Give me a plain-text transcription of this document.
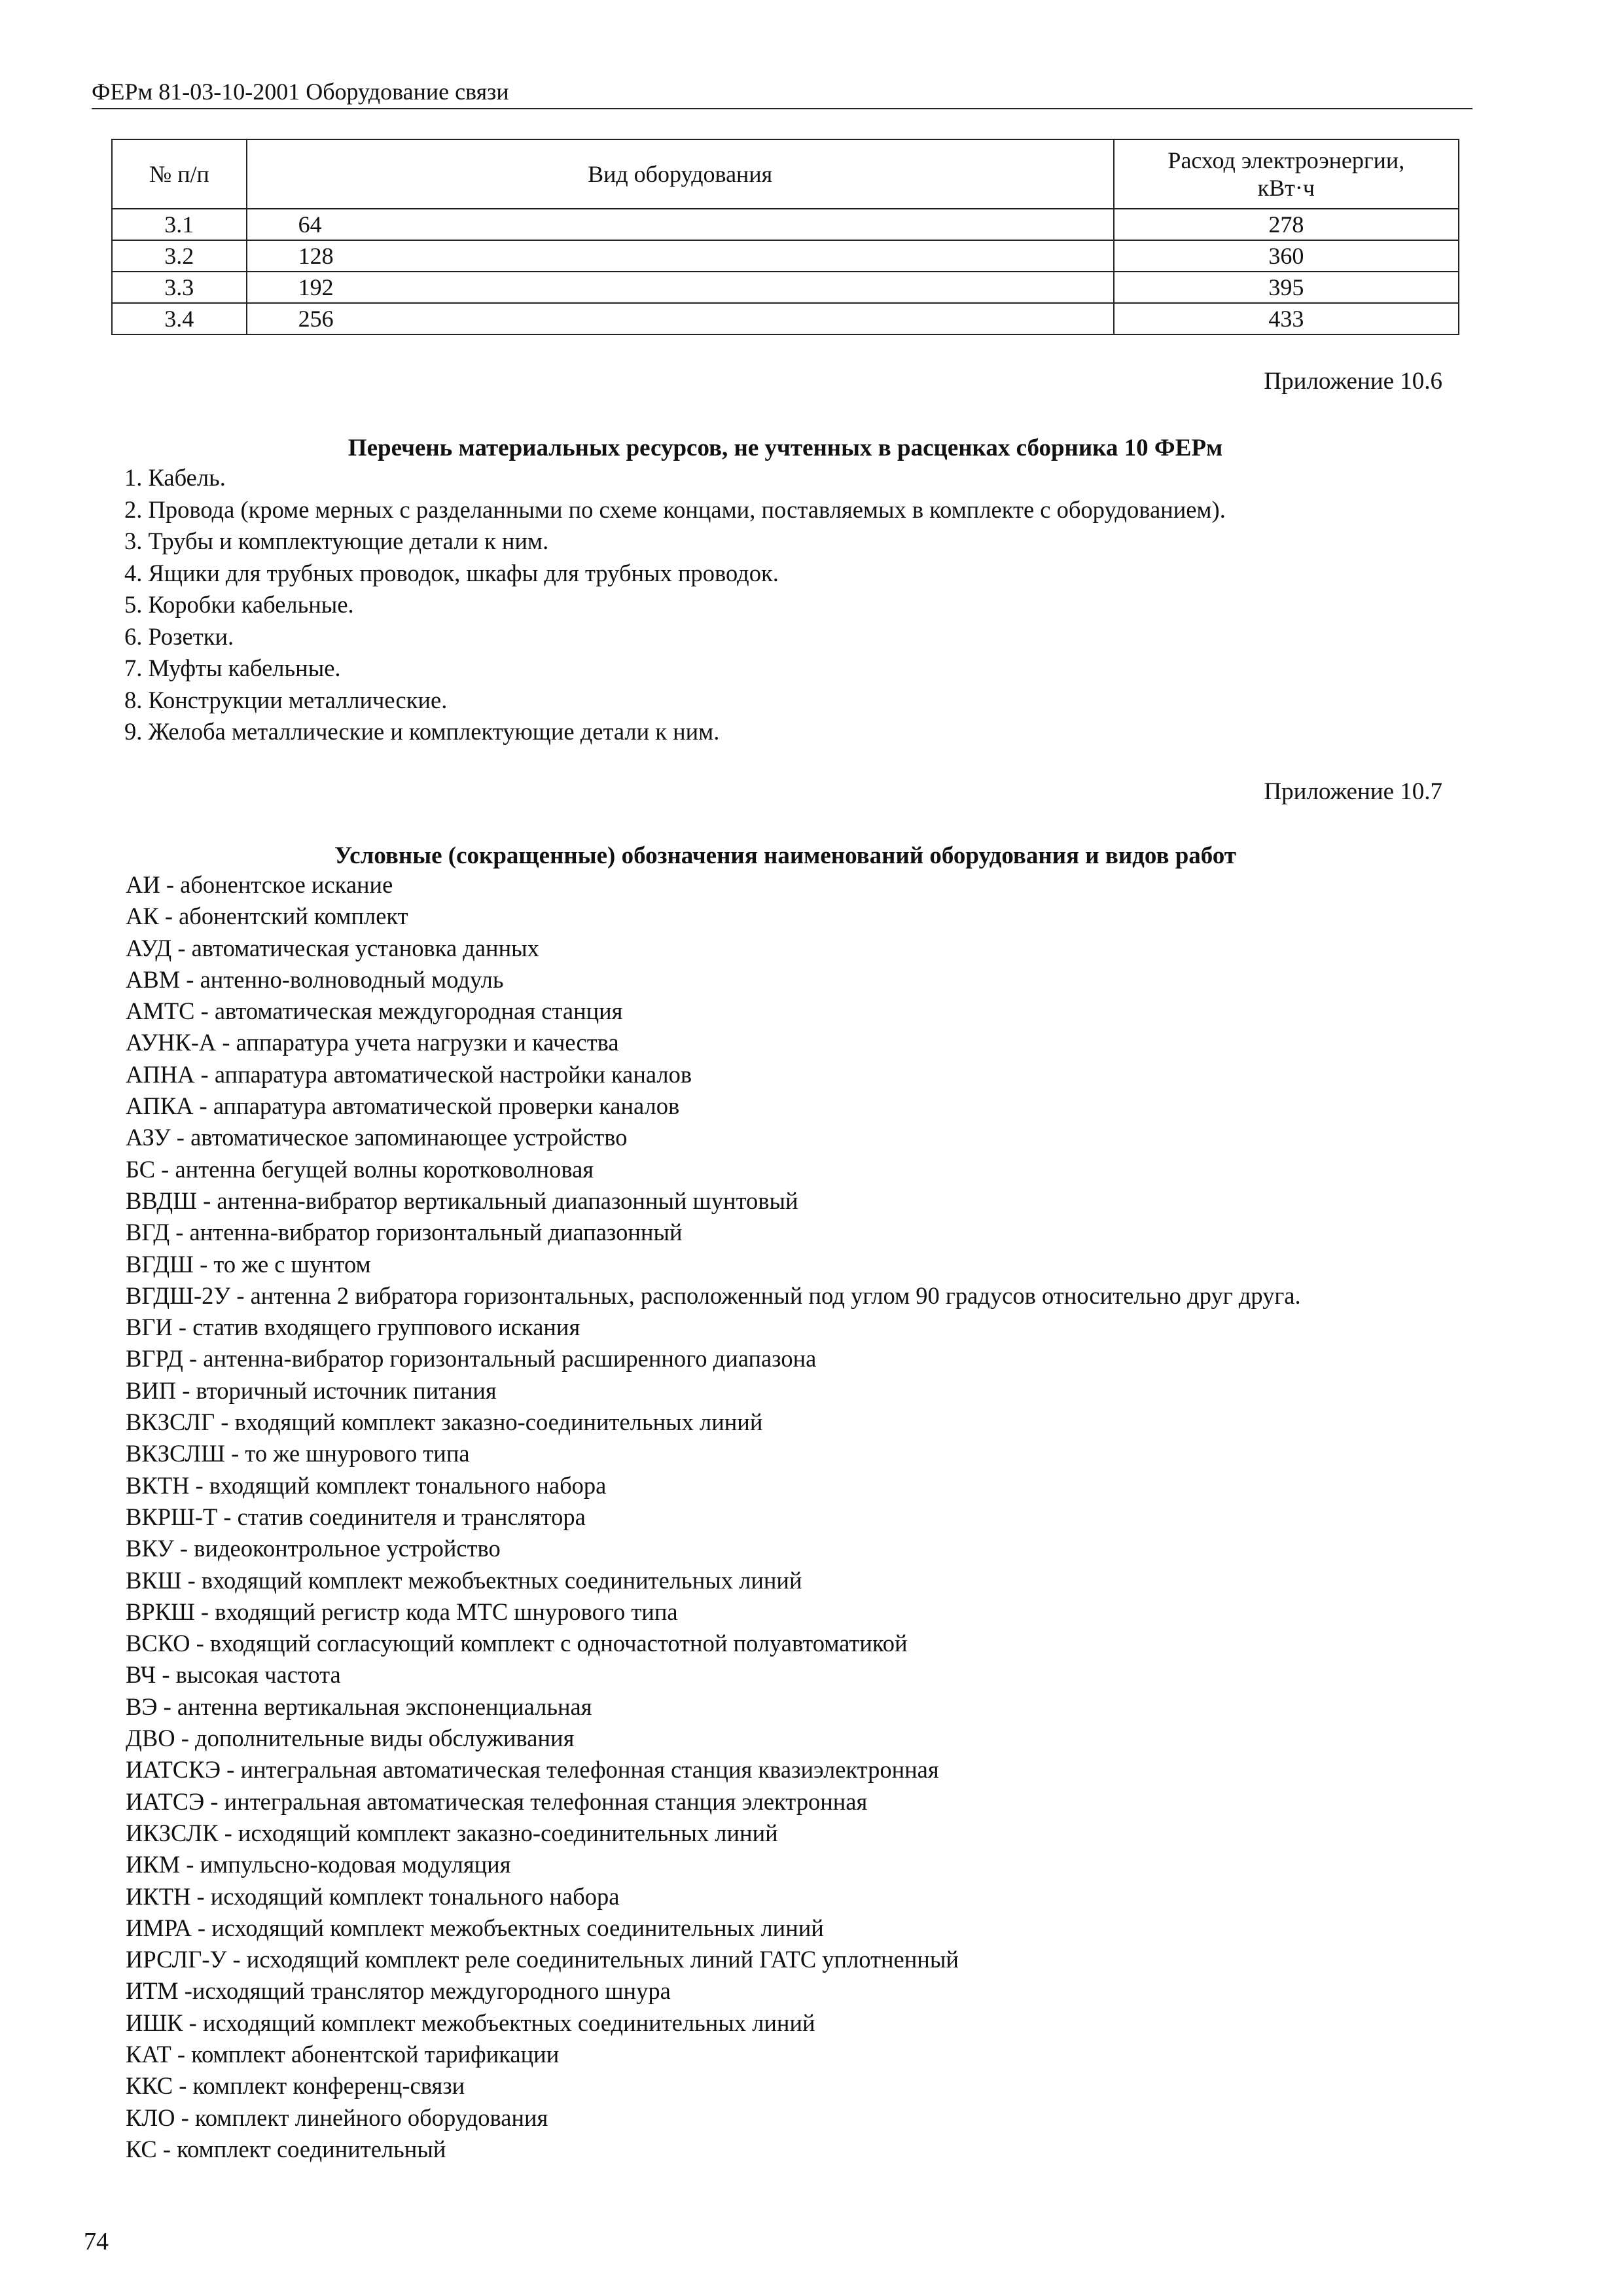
ФЕРм 81-03-10-2001 Оборудование связи
№ п/п	Вид оборудования	Расход электроэнергии,
кВт·ч

3.1	64	278
3.2	128	360
3.3	192	395
3.4	256	433
Приложение 10.6
Перечень материальных ресурсов, не учтенных в расценках сборника 10 ФЕРм
1. Кабель.
2. Провода (кроме мерных с разделанными по схеме концами, поставляемых в комплекте с оборудованием).
3. Трубы и комплектующие детали к ним.
4. Ящики для трубных проводок, шкафы для трубных проводок.
5. Коробки кабельные.
6. Розетки.
7. Муфты кабельные.
8. Конструкции металлические.
9. Желоба металлические и комплектующие детали к ним.
Приложение 10.7
Условные (сокращенные) обозначения наименований оборудования и видов работ
АИ - абонентское искание
АК - абонентский комплект
АУД - автоматическая установка данных
АВМ - антенно-волноводный модуль
АМТС - автоматическая междугородная станция
АУНК-А - аппаратура учета нагрузки и качества
АПНА - аппаратура автоматической настройки каналов
АПКА - аппаратура автоматической проверки каналов
АЗУ - автоматическое запоминающее устройство
БС - антенна бегущей волны коротковолновая
ВВДШ - антенна-вибратор вертикальный диапазонный шунтовый
ВГД - антенна-вибратор горизонтальный диапазонный
ВГДШ - то же с шунтом
ВГДШ-2У - антенна 2 вибратора горизонтальных, расположенный под углом 90 градусов относительно друг друга.
ВГИ - статив входящего группового искания
ВГРД - антенна-вибратор горизонтальный расширенного диапазона
ВИП - вторичный источник питания
ВКЗСЛГ - входящий комплект заказно-соединительных линий
ВКЗСЛШ - то же шнурового типа
ВКТН - входящий комплект тонального набора
ВКРШ-Т - статив соединителя и транслятора
ВКУ - видеоконтрольное устройство
ВКШ - входящий комплект межобъектных соединительных линий
ВРКШ - входящий регистр кода МТС шнурового типа
ВСКО - входящий согласующий комплект с одночастотной полуавтоматикой
ВЧ - высокая частота
ВЭ - антенна вертикальная экспоненциальная
ДВО - дополнительные виды обслуживания
ИАТСКЭ - интегральная автоматическая телефонная станция квазиэлектронная
ИАТСЭ - интегральная автоматическая телефонная станция электронная
ИКЗСЛК - исходящий комплект заказно-соединительных линий
ИКМ - импульсно-кодовая модуляция
ИКТН - исходящий комплект тонального набора
ИМРА - исходящий комплект межобъектных соединительных линий
ИРСЛГ-У - исходящий комплект реле соединительных линий ГАТС уплотненный
ИТМ -исходящий транслятор междугородного шнура
ИШК - исходящий комплект межобъектных соединительных линий
КАТ - комплект абонентской тарификации
ККС - комплект конференц-связи
КЛО - комплект линейного оборудования
КС - комплект соединительный
74
